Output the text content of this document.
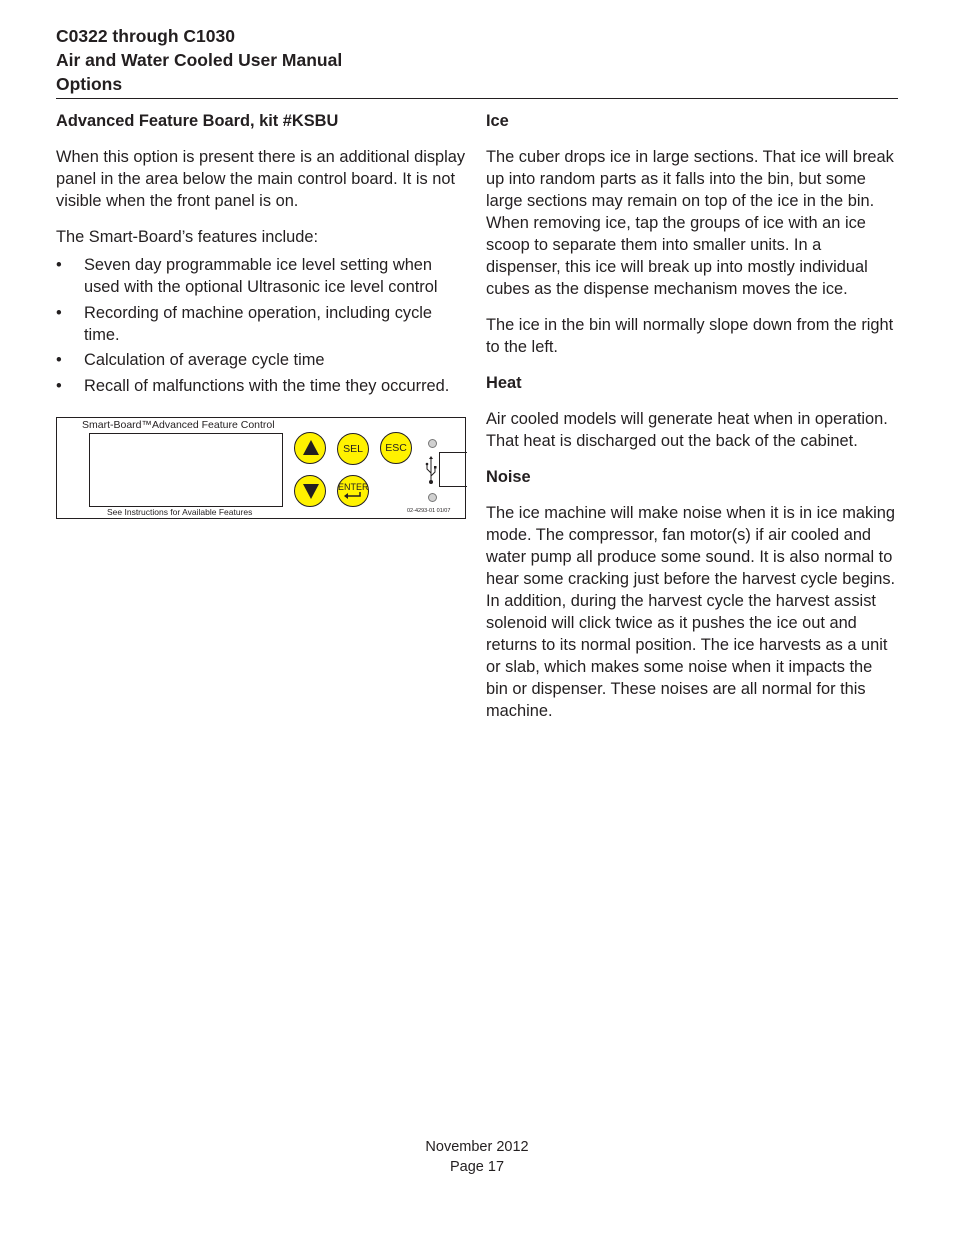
C0322 through C1030
Air and Water Cooled User Manual
Options
Advanced Feature Board, kit #KSBU

When this option is present there is an additional display panel in the area below the main control board. It is not visible when the front panel is on.

The Smart-Board’s features include:

• Seven day programmable ice level setting when used with the optional Ultrasonic ice level control
• Recording of machine operation, including cycle time.
• Calculation of average cycle time
• Recall of malfunctions with the time they occurred.
Smart-Board™Advanced Feature Control
See Instructions for Available Features	02-4293-01 01/07
SEL	ESC
ENTER
Ice

The cuber drops ice in large sections. That ice will break up into random parts as it falls into the bin, but some large sections may remain on top of the ice in the bin. When removing ice, tap the groups of ice with an ice scoop to separate them into smaller units. In a dispenser, this ice will break up into mostly individual cubes as the dispense mechanism moves the ice.

The ice in the bin will normally slope down from the right to the left.

Heat

Air cooled models will generate heat when in operation. That heat is discharged out the back of the cabinet.

Noise

The ice machine will make noise when it is in ice making mode. The compressor, fan motor(s) if air cooled and water pump all produce some sound. It is also normal to hear some cracking just before the harvest cycle begins. In addition, during the harvest cycle the harvest assist solenoid will click twice as it pushes the ice out and returns to its normal position. The ice harvests as a unit or slab, which makes some noise when it impacts the bin or dispenser. These noises are all normal for this machine.

November 2012
Page 17
